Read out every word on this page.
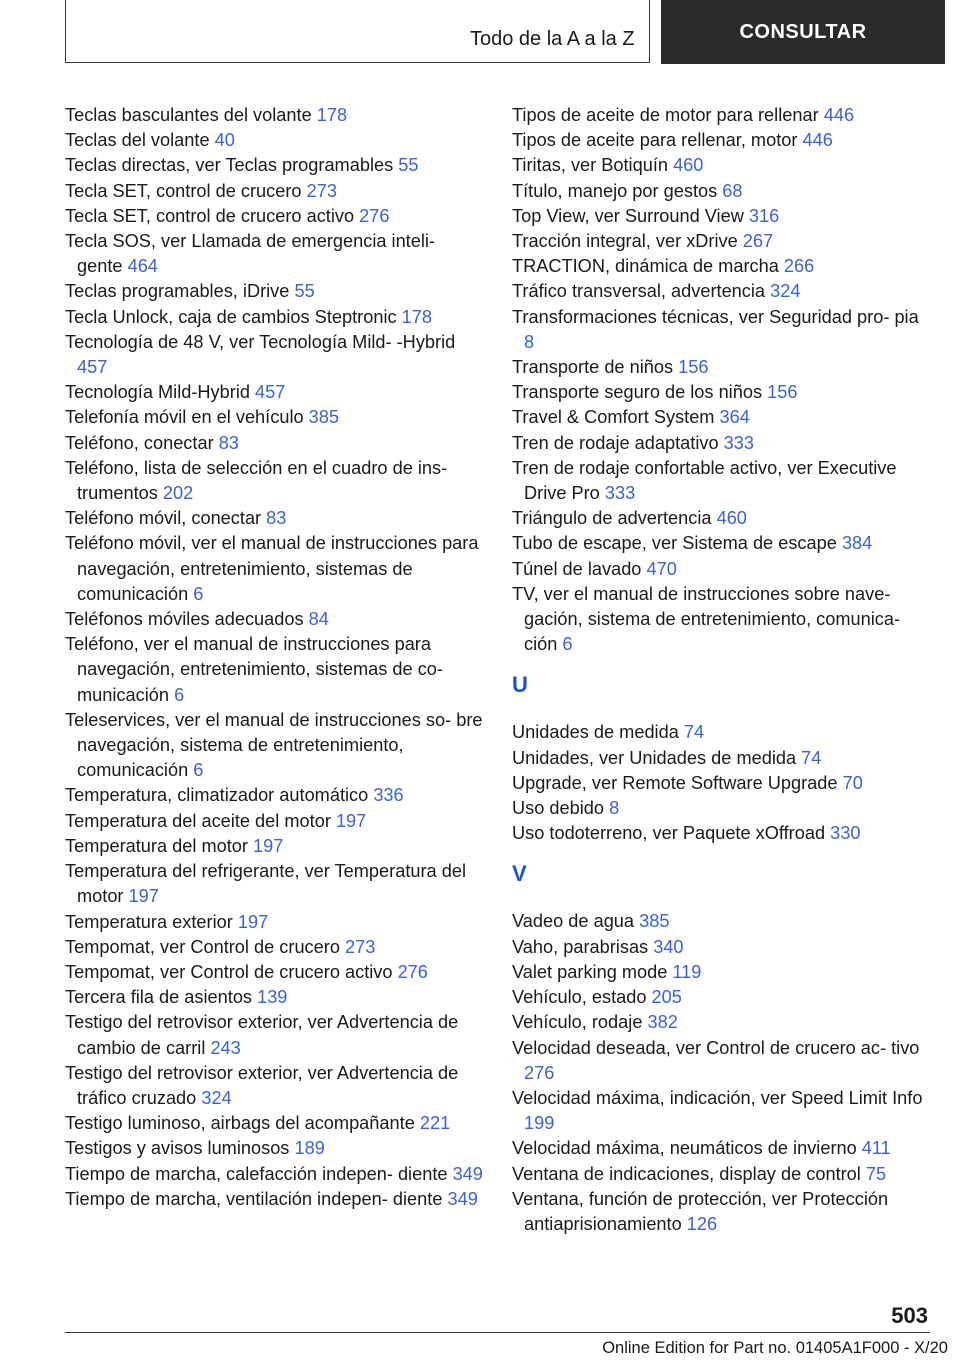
Todo de la A a la Z	CONSULTAR
Teclas basculantes del volante 178
Teclas del volante 40
Teclas directas, ver Teclas programables 55
Tecla SET, control de crucero 273
Tecla SET, control de crucero activo 276
Tecla SOS, ver Llamada de emergencia inteli‐ gente 464
Teclas programables, iDrive 55
Tecla Unlock, caja de cambios Steptronic 178
Tecnología de 48 V, ver Tecnología Mild‐ ‐Hybrid 457
Tecnología Mild-Hybrid 457
Telefonía móvil en el vehículo 385
Teléfono, conectar 83
Teléfono, lista de selección en el cuadro de ins‐ trumentos 202
Teléfono móvil, conectar 83
Teléfono móvil, ver el manual de instrucciones para navegación, entretenimiento, sistemas de comunicación 6
Teléfonos móviles adecuados 84
Teléfono, ver el manual de instrucciones para navegación, entretenimiento, sistemas de co‐ municación 6
Teleservices, ver el manual de instrucciones so‐ bre navegación, sistema de entretenimiento, comunicación 6
Temperatura, climatizador automático 336
Temperatura del aceite del motor 197
Temperatura del motor 197
Temperatura del refrigerante, ver Temperatura del motor 197
Temperatura exterior 197
Tempomat, ver Control de crucero 273
Tempomat, ver Control de crucero activo 276
Tercera fila de asientos 139
Testigo del retrovisor exterior, ver Advertencia de cambio de carril 243
Testigo del retrovisor exterior, ver Advertencia de tráfico cruzado 324
Testigo luminoso, airbags del acompañante 221
Testigos y avisos luminosos 189
Tiempo de marcha, calefacción indepen‐ diente 349
Tiempo de marcha, ventilación indepen‐ diente 349
Tipos de aceite de motor para rellenar 446
Tipos de aceite para rellenar, motor 446
Tiritas, ver Botiquín 460
Título, manejo por gestos 68
Top View, ver Surround View 316
Tracción integral, ver xDrive 267
TRACTION, dinámica de marcha 266
Tráfico transversal, advertencia 324
Transformaciones técnicas, ver Seguridad pro‐ pia 8
Transporte de niños 156
Transporte seguro de los niños 156
Travel & Comfort System 364
Tren de rodaje adaptativo 333
Tren de rodaje confortable activo, ver Executive Drive Pro 333
Triángulo de advertencia 460
Tubo de escape, ver Sistema de escape 384
Túnel de lavado 470
TV, ver el manual de instrucciones sobre nave‐ gación, sistema de entretenimiento, comunica‐ ción 6
U
Unidades de medida 74
Unidades, ver Unidades de medida 74
Upgrade, ver Remote Software Upgrade 70
Uso debido 8
Uso todoterreno, ver Paquete xOffroad 330
V
Vadeo de agua 385
Vaho, parabrisas 340
Valet parking mode 119
Vehículo, estado 205
Vehículo, rodaje 382
Velocidad deseada, ver Control de crucero ac‐ tivo 276
Velocidad máxima, indicación, ver Speed Limit Info 199
Velocidad máxima, neumáticos de invierno 411
Ventana de indicaciones, display de control 75
Ventana, función de protección, ver Protección antiaprisionamiento 126
503
Online Edition for Part no. 01405A1F000 - X/20
